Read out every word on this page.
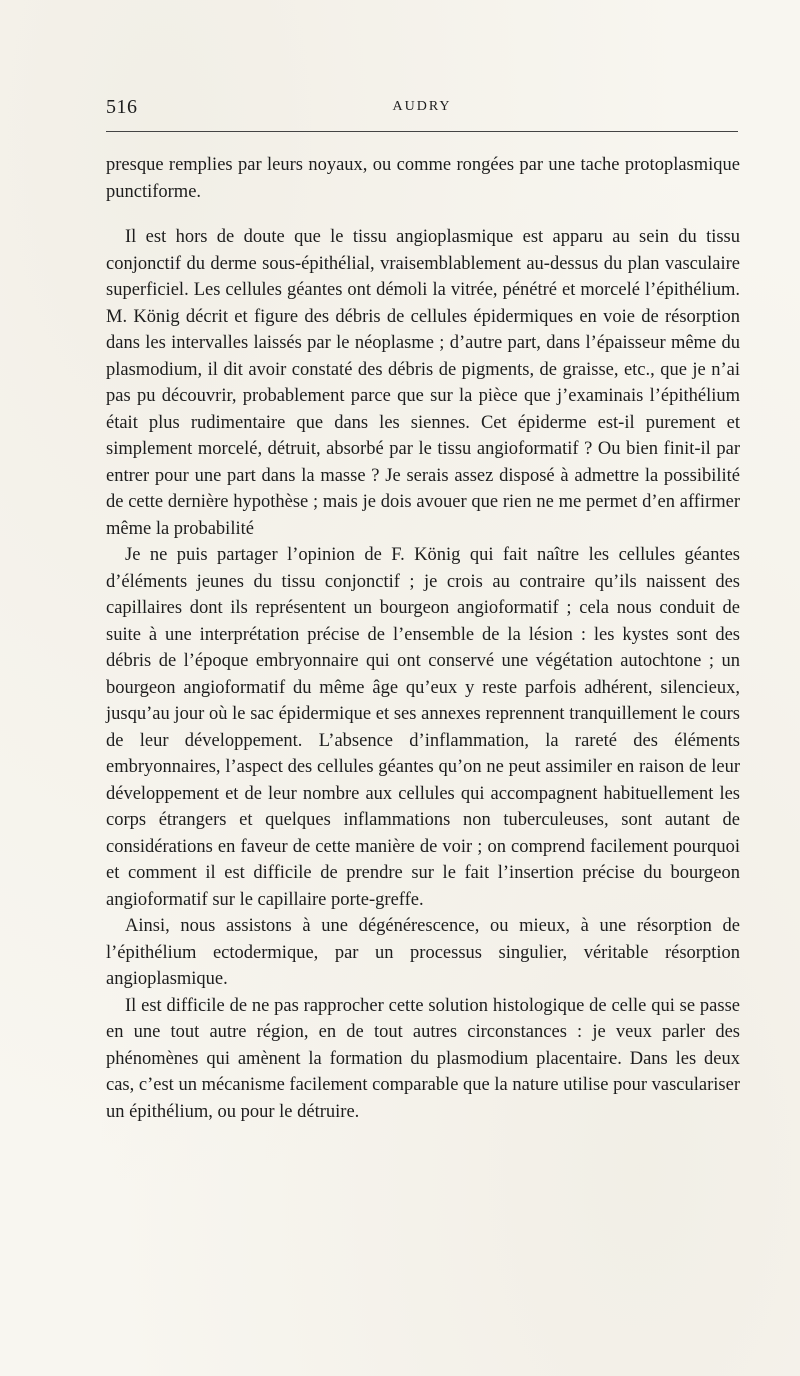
516	AUDRY

presque remplies par leurs noyaux, ou comme rongées par une tache protoplasmique punctiforme.

Il est hors de doute que le tissu angioplasmique est apparu au sein du tissu conjonctif du derme sous-épithélial, vraisemblablement au-dessus du plan vasculaire superficiel. Les cellules géantes ont démoli la vitrée, pénétré et morcelé l’épithélium. M. König décrit et figure des débris de cellules épidermiques en voie de résorption dans les intervalles laissés par le néoplasme ; d’autre part, dans l’épaisseur même du plasmodium, il dit avoir constaté des débris de pigments, de graisse, etc., que je n’ai pas pu découvrir, probablement parce que sur la pièce que j’examinais l’épithélium était plus rudimentaire que dans les siennes. Cet épiderme est-il purement et simplement morcelé, détruit, absorbé par le tissu angioformatif ? Ou bien finit-il par entrer pour une part dans la masse ? Je serais assez disposé à admettre la possibilité de cette dernière hypothèse ; mais je dois avouer que rien ne me permet d’en affirmer même la probabilité

Je ne puis partager l’opinion de F. König qui fait naître les cellules géantes d’éléments jeunes du tissu conjonctif ; je crois au contraire qu’ils naissent des capillaires dont ils représentent un bourgeon angioformatif ; cela nous conduit de suite à une interprétation précise de l’ensemble de la lésion : les kystes sont des débris de l’époque embryonnaire qui ont conservé une végétation autochtone ; un bourgeon angioformatif du même âge qu’eux y reste parfois adhérent, silencieux, jusqu’au jour où le sac épidermique et ses annexes reprennent tranquillement le cours de leur développement. L’absence d’inflammation, la rareté des éléments embryonnaires, l’aspect des cellules géantes qu’on ne peut assimiler en raison de leur développement et de leur nombre aux cellules qui accompagnent habituellement les corps étrangers et quelques inflammations non tuberculeuses, sont autant de considérations en faveur de cette manière de voir ; on comprend facilement pourquoi et comment il est difficile de prendre sur le fait l’insertion précise du bourgeon angioformatif sur le capillaire porte-greffe.

Ainsi, nous assistons à une dégénérescence, ou mieux, à une résorption de l’épithélium ectodermique, par un processus singulier, véritable résorption angioplasmique.

Il est difficile de ne pas rapprocher cette solution histologique de celle qui se passe en une tout autre région, en de tout autres circonstances : je veux parler des phénomènes qui amènent la formation du plasmodium placentaire. Dans les deux cas, c’est un mécanisme facilement comparable que la nature utilise pour vasculariser un épithélium, ou pour le détruire.
